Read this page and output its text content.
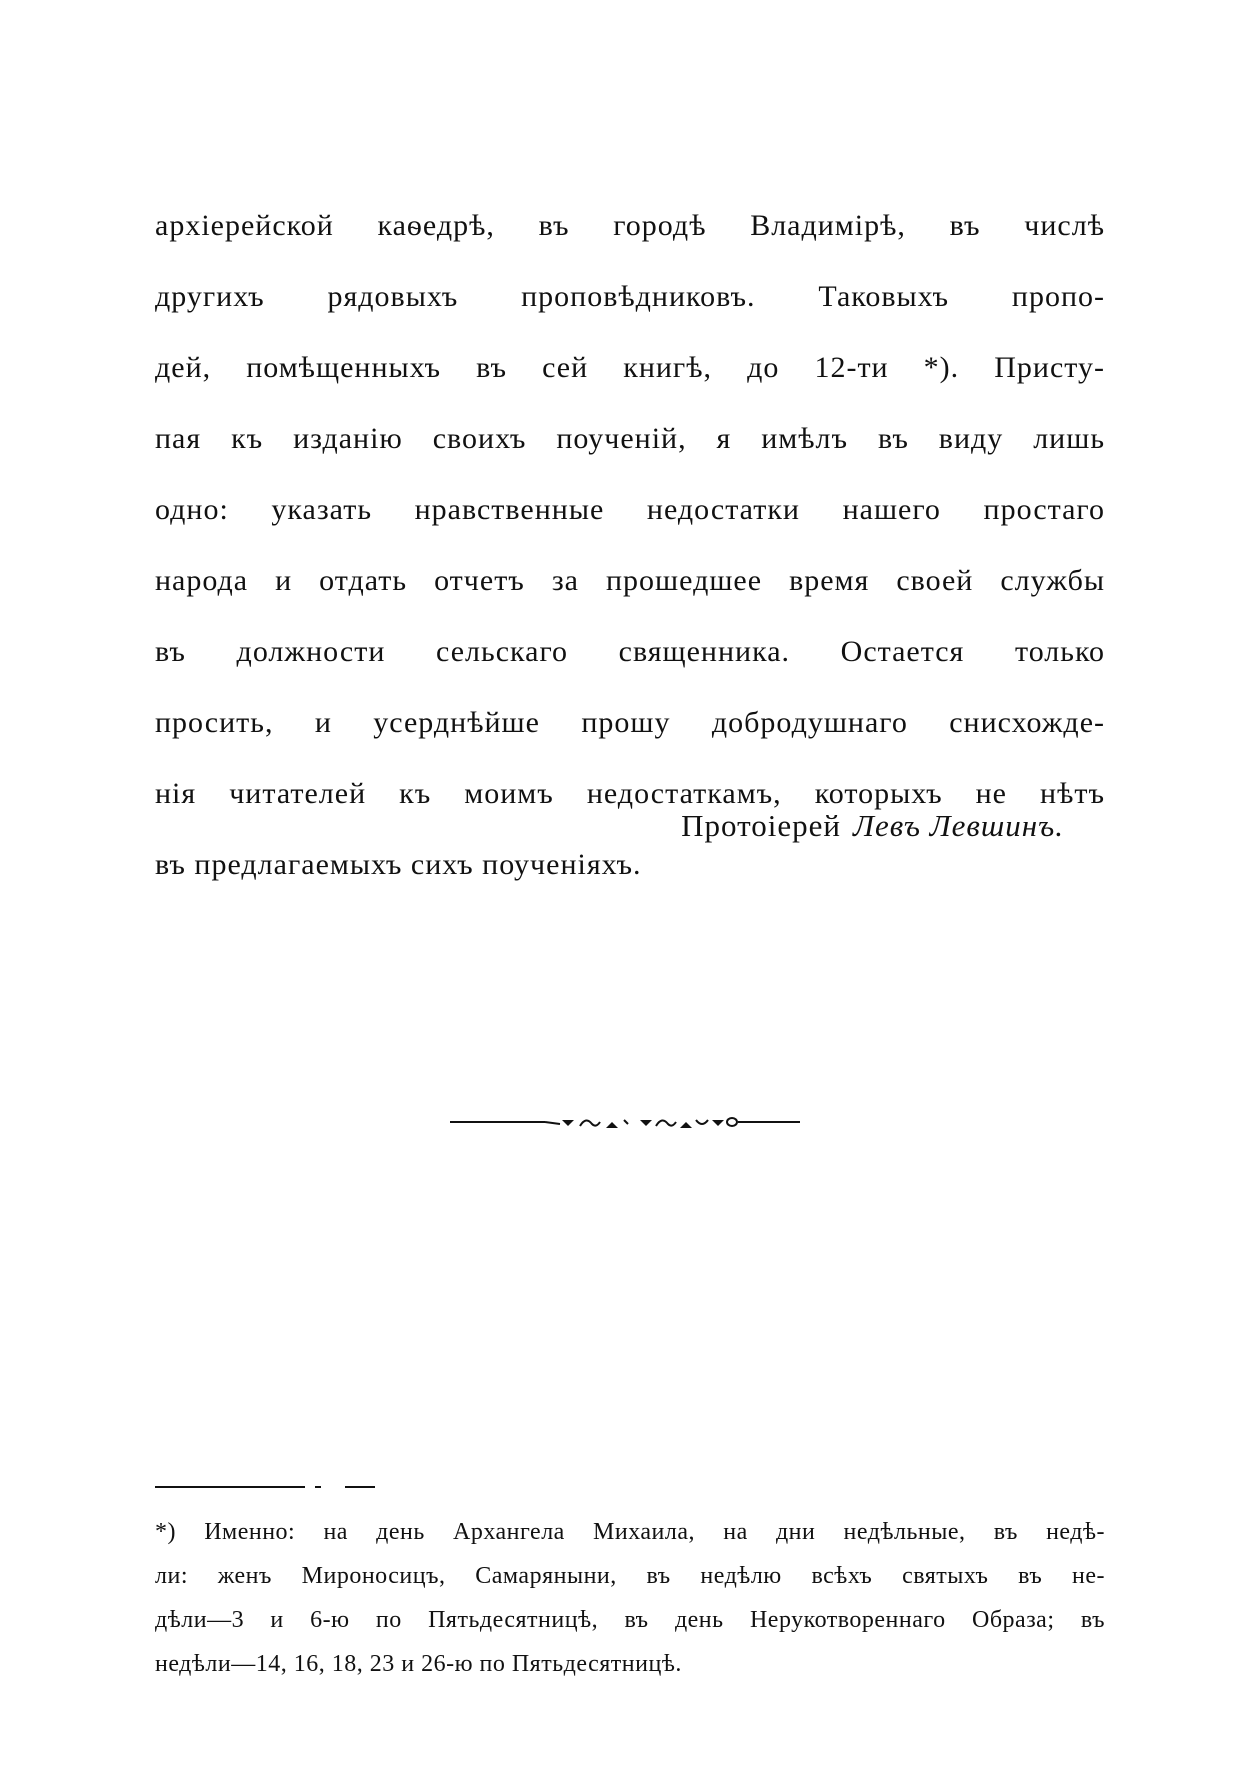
архіерейской каѳедрѣ, въ городѣ Владимірѣ, въ числѣ
другихъ рядовыхъ проповѣдниковъ. Таковыхъ пропо-
дей, помѣщенныхъ въ сей книгѣ, до 12-ти *). Присту-
пая къ изданію своихъ поученій, я имѣлъ въ виду лишь
одно: указать нравственные недостатки нашего простаго
народа и отдать отчетъ за прошедшее время своей службы
въ должности сельскаго священника. Остается только
просить, и усерднѣйше прошу добродушнаго снисхожде-
нія читателей къ моимъ недостаткамъ, которыхъ не нѣтъ
въ предлагаемыхъ сихъ поученіяхъ.
Протоіерей Левъ Левшинъ.
*) Именно: на день Архангела Михаила, на дни недѣльные, въ недѣ-
ли: женъ Мироносицъ, Самаряныни, въ недѣлю всѣхъ святыхъ въ не-
дѣли—3 и 6-ю по Пятьдесятницѣ, въ день Нерукотвореннаго Образа; въ
недѣли—14, 16, 18, 23 и 26-ю по Пятьдесятницѣ.
